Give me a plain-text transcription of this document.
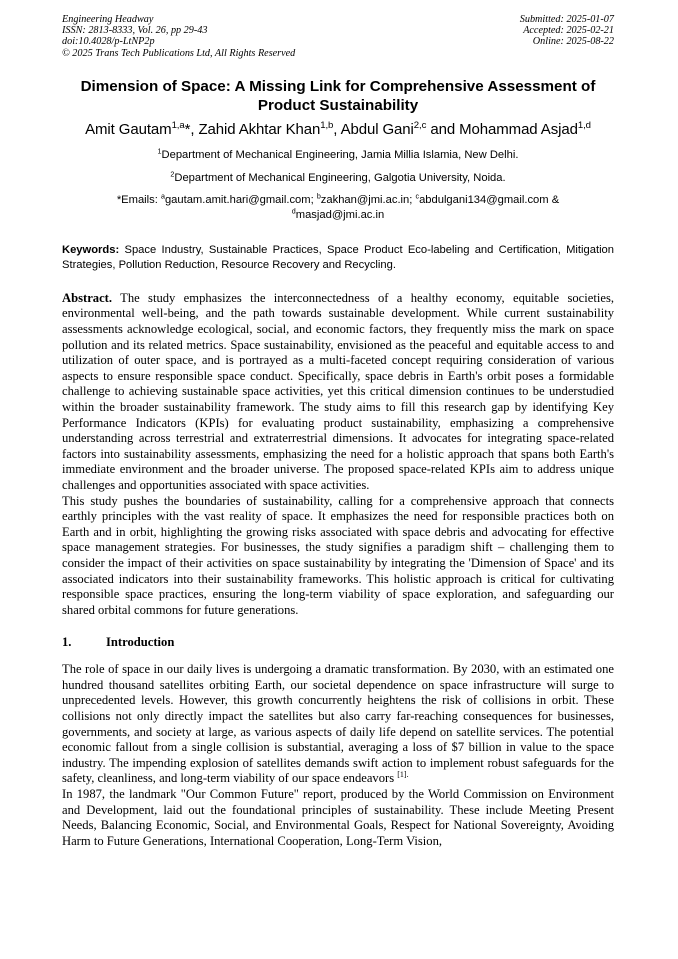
Engineering Headway
ISSN: 2813-8333, Vol. 26, pp 29-43
doi:10.4028/p-LtNP2p
© 2025 Trans Tech Publications Ltd, All Rights Reserved
Submitted: 2025-01-07
Accepted: 2025-02-21
Online: 2025-08-22
Dimension of Space: A Missing Link for Comprehensive Assessment of Product Sustainability
Amit Gautam$^{1,a}$*, Zahid Akhtar Khan$^{1,b}$, Abdul Gani$^{2,c}$ and Mohammad Asjad$^{1,d}$
$^1$Department of Mechanical Engineering, Jamia Millia Islamia, New Delhi.
$^2$Department of Mechanical Engineering, Galgotia University, Noida.
*Emails: $^a$gautam.amit.hari@gmail.com; $^b$zakhan@jmi.ac.in; $^c$abdulgani134@gmail.com &
$^d$masjad@jmi.ac.in
Keywords: Space Industry, Sustainable Practices, Space Product Eco-labeling and Certification, Mitigation Strategies, Pollution Reduction, Resource Recovery and Recycling.

Abstract. The study emphasizes the interconnectedness of a healthy economy, equitable societies, environmental well-being, and the path towards sustainable development. While current sustainability assessments acknowledge ecological, social, and economic factors, they frequently miss the mark on space pollution and its related metrics. Space sustainability, envisioned as the peaceful and equitable access to and utilization of outer space, and is portrayed as a multi-faceted concept requiring consideration of various aspects to ensure responsible space conduct. Specifically, space debris in Earth's orbit poses a formidable challenge to achieving sustainable space activities, yet this critical dimension continues to be understudied within the broader sustainability framework. The study aims to fill this research gap by identifying Key Performance Indicators (KPIs) for evaluating product sustainability, emphasizing a comprehensive understanding across terrestrial and extraterrestrial dimensions. It advocates for integrating space-related factors into sustainability assessments, emphasizing the need for a holistic approach that spans both Earth's immediate environment and the broader universe. The proposed space-related KPIs aim to address unique challenges and opportunities associated with space activities.

This study pushes the boundaries of sustainability, calling for a comprehensive approach that connects earthly principles with the vast reality of space. It emphasizes the need for responsible practices both on Earth and in orbit, highlighting the growing risks associated with space debris and advocating for effective space management strategies. For businesses, the study signifies a paradigm shift – challenging them to consider the impact of their activities on space sustainability by integrating the 'Dimension of Space' and its associated indicators into their sustainability frameworks. This holistic approach is critical for cultivating responsible space practices, ensuring the long-term viability of space exploration, and safeguarding our shared orbital commons for future generations.

1.	Introduction

The role of space in our daily lives is undergoing a dramatic transformation. By 2030, with an estimated one hundred thousand satellites orbiting Earth, our societal dependence on space infrastructure will surge to unprecedented levels. However, this growth concurrently heightens the risk of collisions in orbit. These collisions not only directly impact the satellites but also carry far-reaching consequences for businesses, governments, and society at large, as various aspects of daily life depend on satellite services. The potential economic fallout from a single collision is substantial, averaging a loss of $7 billion in value to the space industry. The impending explosion of satellites demands swift action to implement robust safeguards for the safety, cleanliness, and long-term viability of our space endeavors $^{[1].}$

In 1987, the landmark "Our Common Future" report, produced by the World Commission on Environment and Development, laid out the foundational principles of sustainability. These include Meeting Present Needs, Balancing Economic, Social, and Environmental Goals, Respect for National Sovereignty, Avoiding Harm to Future Generations, International Cooperation, Long-Term Vision,
